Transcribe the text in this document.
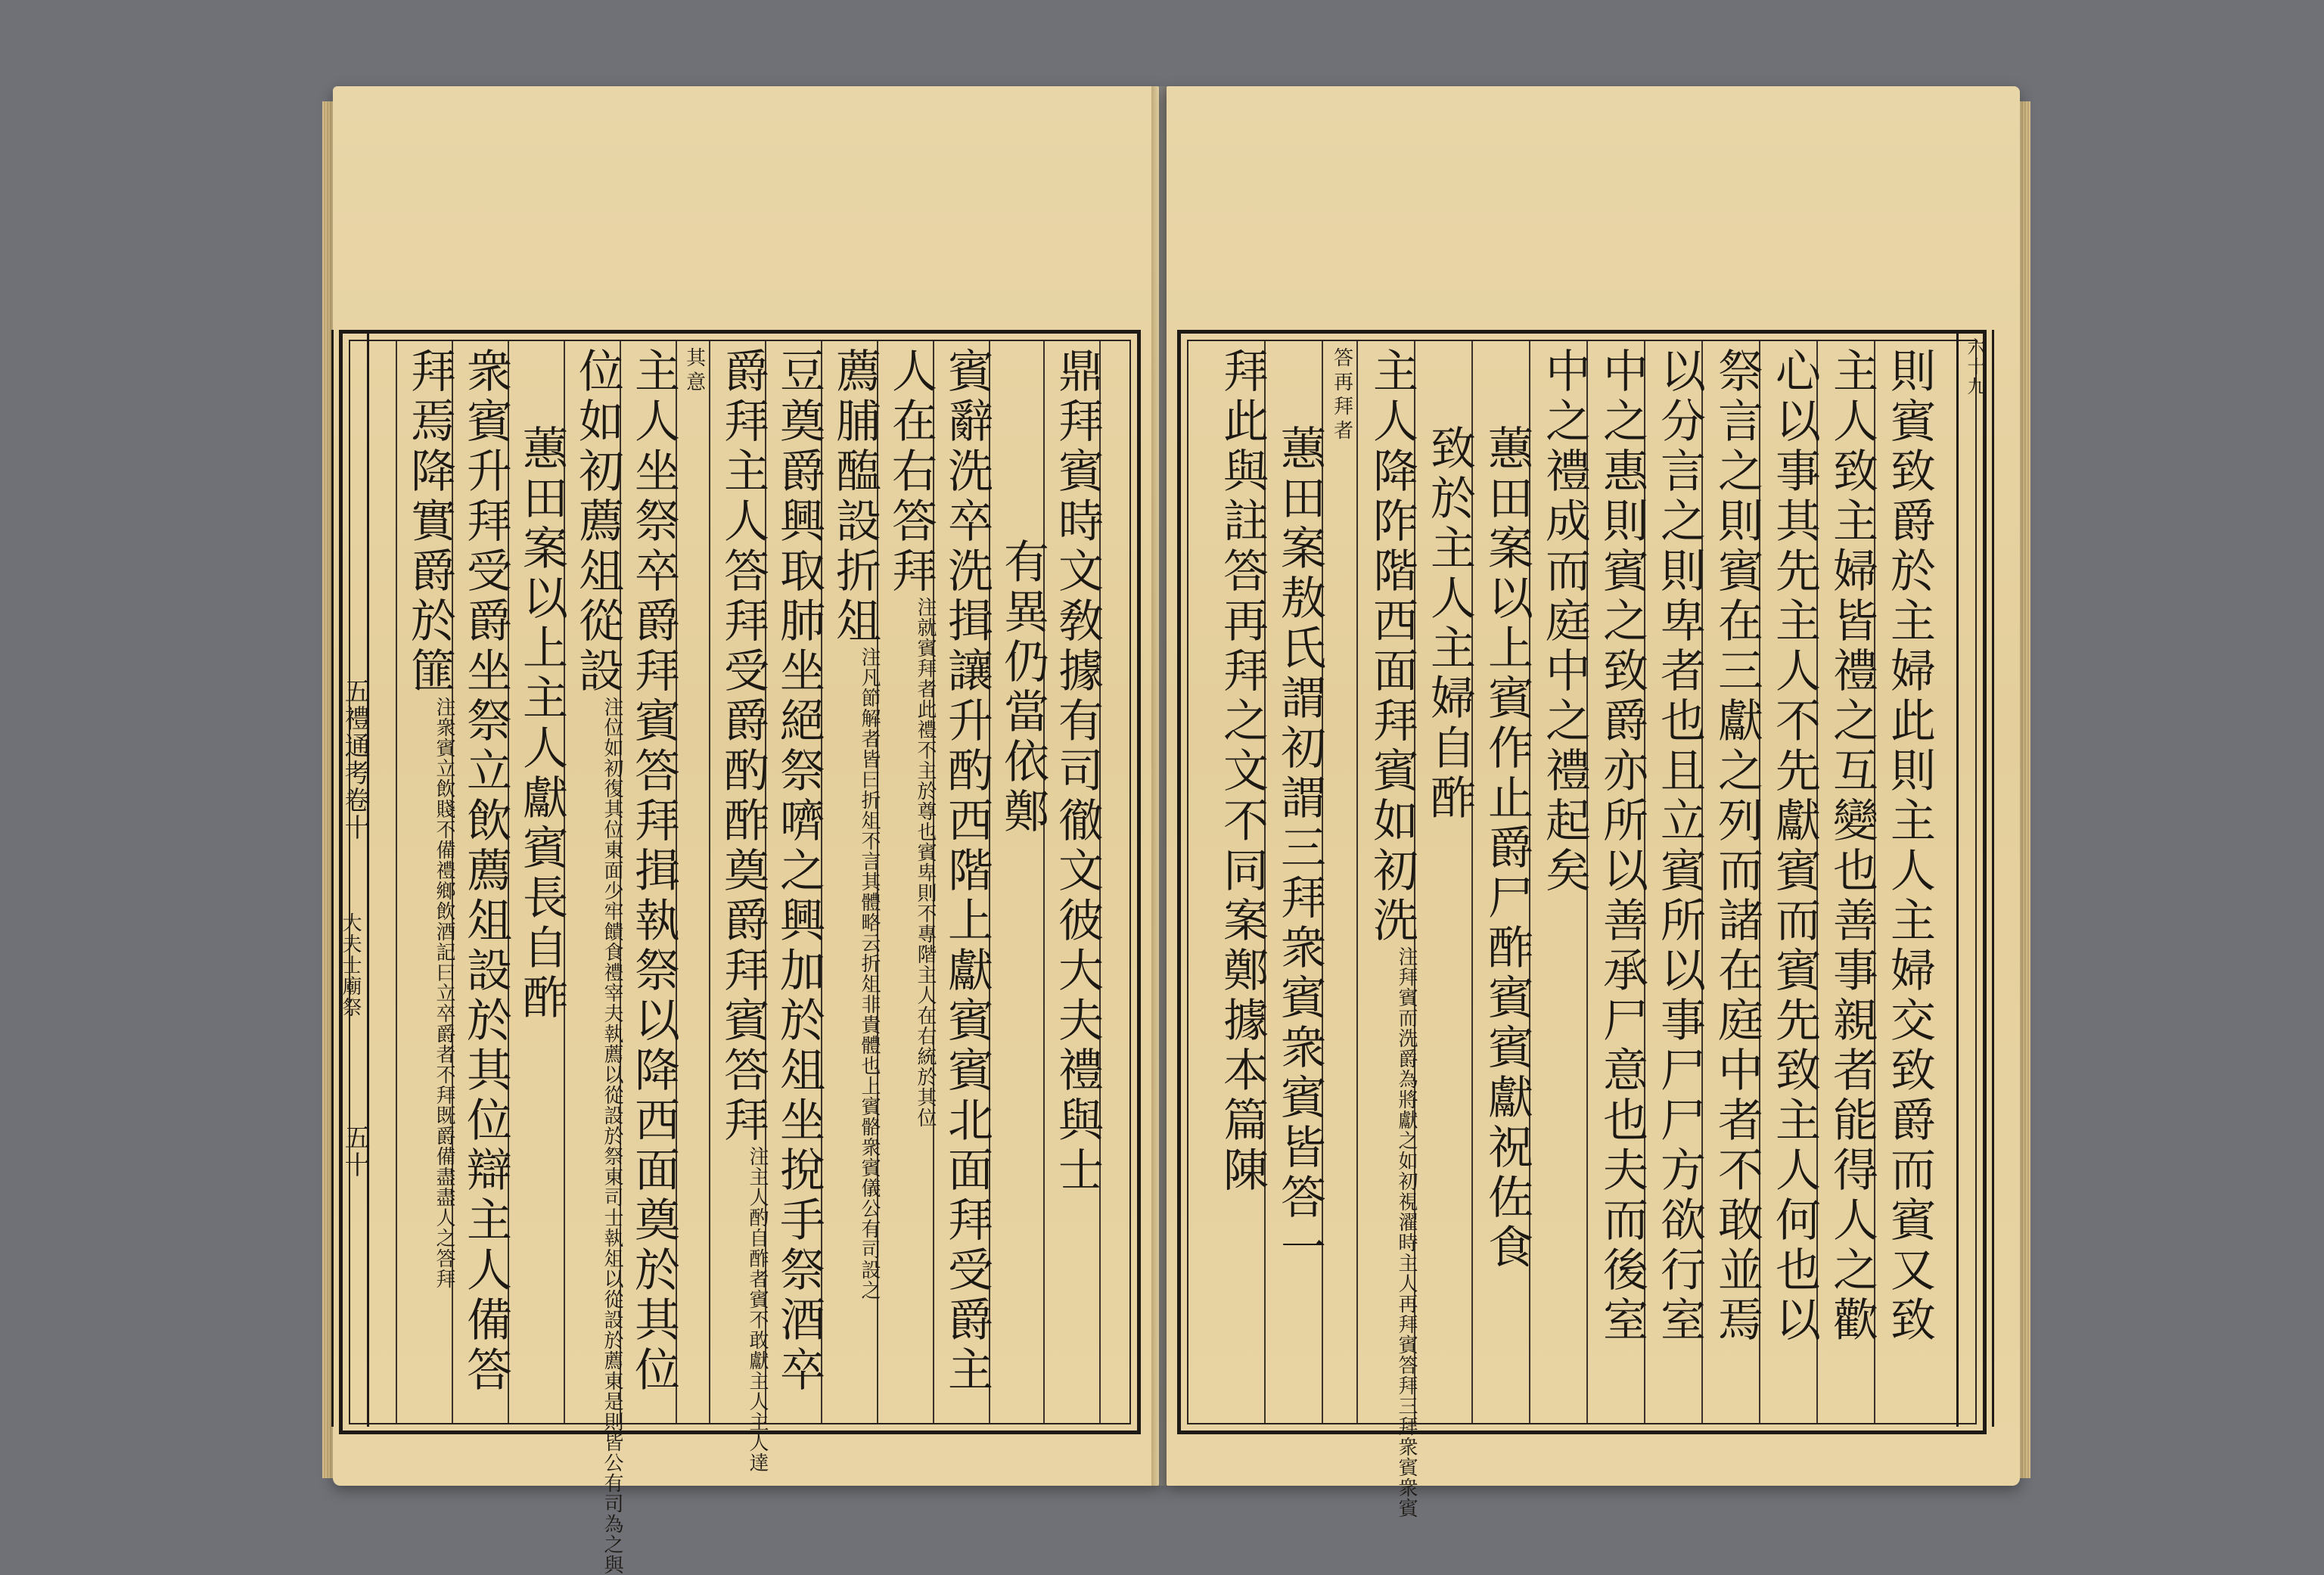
鼎拜賓時文敎據有司徹文彼大夫禮與士
有異仍當依鄭
賓辭洗卒洗揖讓升酌西階上獻賓賓北面拜受爵主
人在右答拜注就賓拜者此禮不主於尊也賓卑則不專階主人在右統於其位
薦脯醢設折俎注凡節解者皆曰折俎不言其體略云折俎非貴體也上賓骼衆賓儀公有司設之
豆奠爵興取肺坐絕祭嚌之興加於俎坐挩手祭酒卒
爵拜主人答拜受爵酌酢奠爵拜賓答拜注主人酌自酢者賓不敢獻主人主人達
其意
主人坐祭卒爵拜賓答拜揖執祭以降西面奠於其位
位如初薦俎從設注位如初復其位東面少牢饋食禮宰夫執薦以從設於祭東司士執俎以從設於薦東是則皆公有司為之與
蕙田案以上主人獻賓長自酢
衆賓升拜受爵坐祭立飲薦俎設於其位辯主人備答
拜焉降實爵於篚注衆賓立飲賤不備禮鄉飲酒記曰立卒爵者不拜既爵備盡盡人之答拜
五禮通考卷十
大夫士廟祭
五十	則賓致爵於主婦此則主人主婦交致爵而賓又致
主人致主婦皆禮之互變也善事親者能得人之歡
心以事其先主人不先獻賓而賓先致主人何也以
祭言之則賓在三獻之列而諸在庭中者不敢並焉
以分言之則卑者也且立賓所以事尸尸方欲行室
中之惠則賓之致爵亦所以善承尸意也夫而後室
中之禮成而庭中之禮起矣
蕙田案以上賓作止爵尸酢賓賓獻祝佐食
致於主人主婦自酢
主人降阼階西面拜賓如初洗注拜賓而洗爵為將獻之如初視濯時主人再拜賓答拜三拜衆賓衆賓
答再拜者
蕙田案敖氏謂初謂三拜衆賓衆賓皆答一
拜此與註答再拜之文不同案鄭據本篇陳	六十九
